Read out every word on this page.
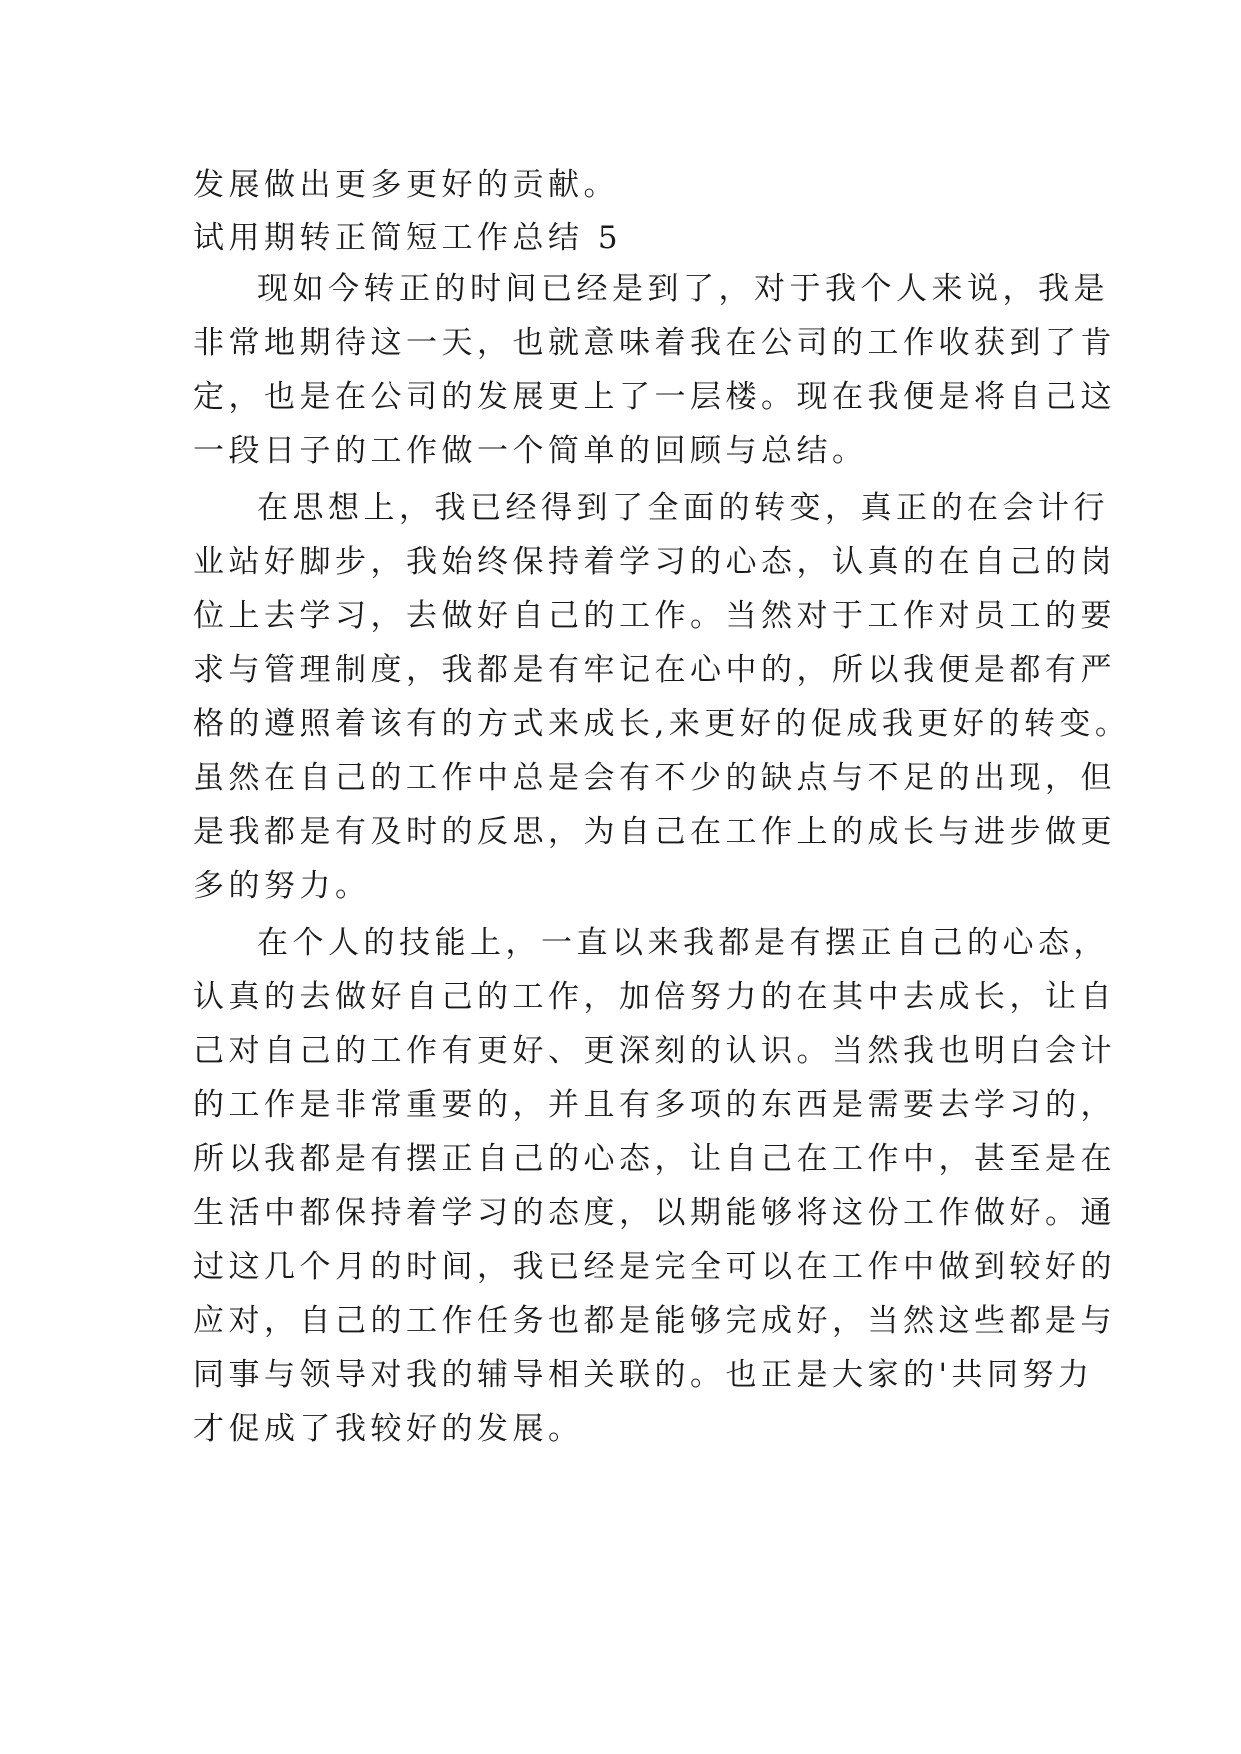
发展做出更多更好的贡献。
试用期转正简短工作总结 5
现如今转正的时间已经是到了，对于我个人来说，我是
非常地期待这一天，也就意味着我在公司的工作收获到了肯
定，也是在公司的发展更上了一层楼。现在我便是将自己这
一段日子的工作做一个简单的回顾与总结。
在思想上，我已经得到了全面的转变，真正的在会计行
业站好脚步，我始终保持着学习的心态，认真的在自己的岗
位上去学习，去做好自己的工作。当然对于工作对员工的要
求与管理制度，我都是有牢记在心中的，所以我便是都有严
格的遵照着该有的方式来成长,来更好的促成我更好的转变。
虽然在自己的工作中总是会有不少的缺点与不足的出现，但
是我都是有及时的反思，为自己在工作上的成长与进步做更
多的努力。
在个人的技能上，一直以来我都是有摆正自己的心态，
认真的去做好自己的工作，加倍努力的在其中去成长，让自
己对自己的工作有更好、更深刻的认识。当然我也明白会计
的工作是非常重要的，并且有多项的东西是需要去学习的，
所以我都是有摆正自己的心态，让自己在工作中，甚至是在
生活中都保持着学习的态度，以期能够将这份工作做好。通
过这几个月的时间，我已经是完全可以在工作中做到较好的
应对，自己的工作任务也都是能够完成好，当然这些都是与
同事与领导对我的辅导相关联的。也正是大家的'共同努力
才促成了我较好的发展。
